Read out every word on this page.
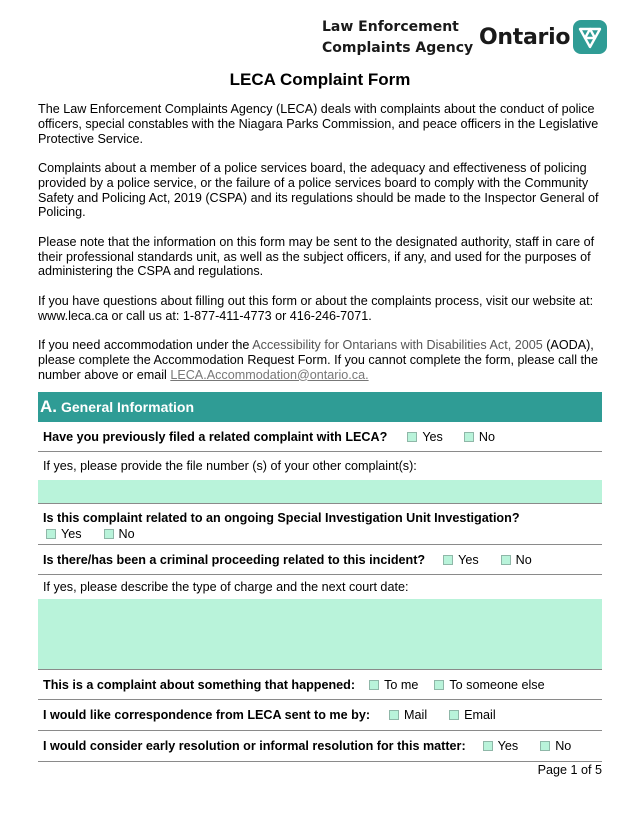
Law Enforcement
Complaints Agency Ontario
LECA Complaint Form

The Law Enforcement Complaints Agency (LECA) deals with complaints about the conduct of police officers, special constables with the Niagara Parks Commission, and peace officers in the Legislative Protective Service.

Complaints about a member of a police services board, the adequacy and effectiveness of policing provided by a police service, or the failure of a police services board to comply with the Community Safety and Policing Act, 2019 (CSPA) and its regulations should be made to the Inspector General of Policing.

Please note that the information on this form may be sent to the designated authority, staff in care of their professional standards unit, as well as the subject officers, if any, and used for the purposes of administering the CSPA and regulations.

If you have questions about filling out this form or about the complaints process, visit our website at: www.leca.ca or call us at: 1-877-411-4773 or 416-246-7071.

If you need accommodation under the Accessibility for Ontarians with Disabilities Act, 2005 (AODA), please complete the Accommodation Request Form. If you cannot complete the form, please call the number above or email LECA.Accommodation@ontario.ca.

A. General Information
Have you previously filed a related complaint with LECA?	Yes	No
If yes, please provide the file number (s) of your other complaint(s):
Is this complaint related to an ongoing Special Investigation Unit Investigation?
Yes	No
Is there/has been a criminal proceeding related to this incident?	Yes	No
If yes, please describe the type of charge and the next court date:
This is a complaint about something that happened: To me To someone else
I would like correspondence from LECA sent to me by:	Mail	Email
I would consider early resolution or informal resolution for this matter:	Yes	No
Page 1 of 5
